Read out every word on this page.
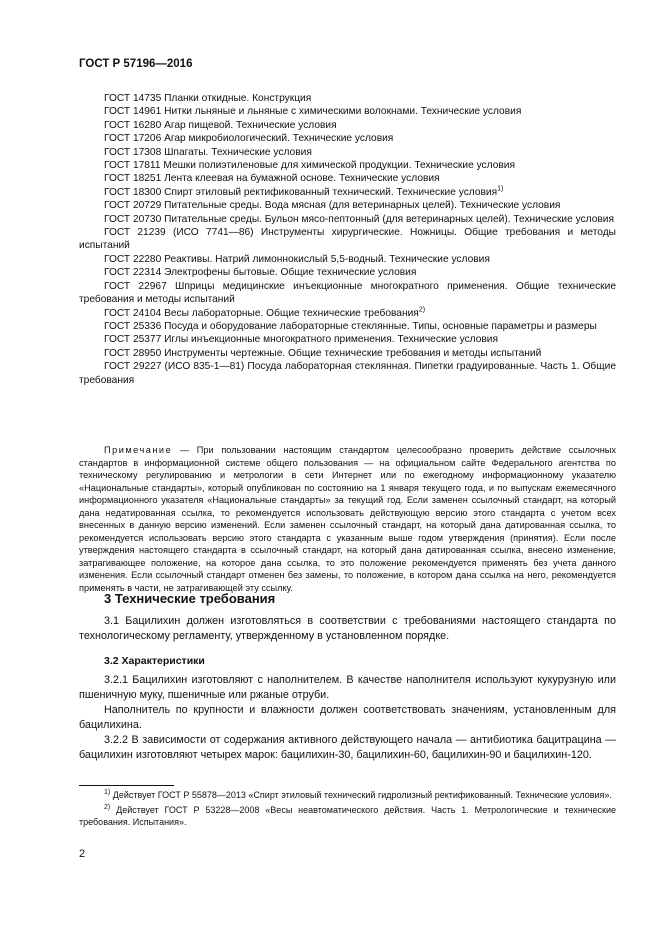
ГОСТ Р 57196—2016
ГОСТ 14735 Планки откидные. Конструкция
ГОСТ 14961 Нитки льняные и льняные с химическими волокнами. Технические условия
ГОСТ 16280 Агар пищевой. Технические условия
ГОСТ 17206 Агар микробиологический. Технические условия
ГОСТ 17308 Шпагаты. Технические условия
ГОСТ 17811 Мешки полиэтиленовые для химической продукции. Технические условия
ГОСТ 18251 Лента клеевая на бумажной основе. Технические условия
ГОСТ 18300 Спирт этиловый ректификованный технический. Технические условия$^{1)}$
ГОСТ 20729 Питательные среды. Вода мясная (для ветеринарных целей). Технические условия
ГОСТ 20730 Питательные среды. Бульон мясо-пептонный (для ветеринарных целей). Технические условия
ГОСТ 21239 (ИСО 7741—86) Инструменты хирургические. Ножницы. Общие требования и методы испытаний
ГОСТ 22280 Реактивы. Натрий лимоннокислый 5,5-водный. Технические условия
ГОСТ 22314 Электрофены бытовые. Общие технические условия
ГОСТ 22967 Шприцы медицинские инъекционные многократного применения. Общие технические требования и методы испытаний
ГОСТ 24104 Весы лабораторные. Общие технические требования$^{2)}$
ГОСТ 25336 Посуда и оборудование лабораторные стеклянные. Типы, основные параметры и размеры
ГОСТ 25377 Иглы инъекционные многократного применения. Технические условия
ГОСТ 28950 Инструменты чертежные. Общие технические требования и методы испытаний
ГОСТ 29227 (ИСО 835-1—81) Посуда лабораторная стеклянная. Пипетки градуированные. Часть 1. Общие требования
Примечание — При пользовании настоящим стандартом целесообразно проверить действие ссылочных стандартов в информационной системе общего пользования — на официальном сайте Федерального агентства по техническому регулированию и метрологии в сети Интернет или по ежегодному информационному указателю «Национальные стандарты», который опубликован по состоянию на 1 января текущего года, и по выпускам ежемесячного информационного указателя «Национальные стандарты» за текущий год. Если заменен ссылочный стандарт, на который дана недатированная ссылка, то рекомендуется использовать действующую версию этого стандарта с учетом всех внесенных в данную версию изменений. Если заменен ссылочный стандарт, на который дана датированная ссылка, то рекомендуется использовать версию этого стандарта с указанным выше годом утверждения (принятия). Если после утверждения настоящего стандарта в ссылочный стандарт, на который дана датированная ссылка, внесено изменение, затрагивающее положение, на которое дана ссылка, то это положение рекомендуется применять без учета данного изменения. Если ссылочный стандарт отменен без замены, то положение, в котором дана ссылка на него, рекомендуется применять в части, не затрагивающей эту ссылку.
3 Технические требования

3.1 Бацилихин должен изготовляться в соответствии с требованиями настоящего стандарта по технологическому регламенту, утвержденному в установленном порядке.

3.2 Характеристики

3.2.1 Бацилихин изготовляют с наполнителем. В качестве наполнителя используют кукурузную или пшеничную муку, пшеничные или ржаные отруби.

Наполнитель по крупности и влажности должен соответствовать значениям, установленным для бацилихина.

3.2.2 В зависимости от содержания активного действующего начала — антибиотика бацитрацина — бацилихин изготовляют четырех марок: бацилихин-30, бацилихин-60, бацилихин-90 и бацилихин-120.

$^{1)}$ Действует ГОСТ Р 55878—2013 «Спирт этиловый технический гидролизный ректификованный. Технические условия».
$^{2)}$ Действует ГОСТ Р 53228—2008 «Весы неавтоматического действия. Часть 1. Метрологические и технические требования. Испытания».
2
